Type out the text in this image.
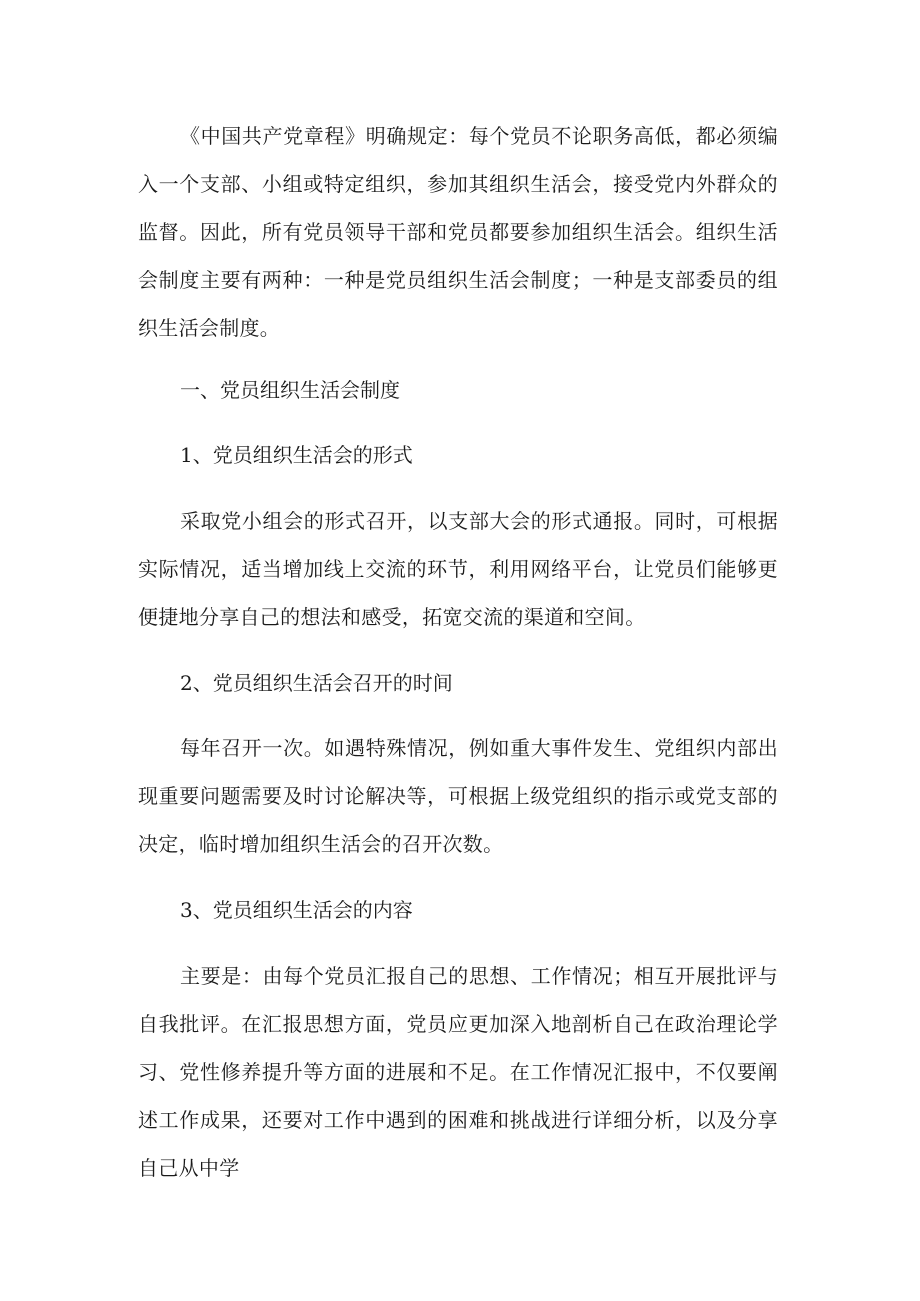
《中国共产党章程》明确规定：每个党员不论职务高低，都必须编入一个支部、小组或特定组织，参加其组织生活会，接受党内外群众的监督。因此，所有党员领导干部和党员都要参加组织生活会。组织生活会制度主要有两种：一种是党员组织生活会制度；一种是支部委员的组织生活会制度。

一、党员组织生活会制度

1、党员组织生活会的形式

采取党小组会的形式召开，以支部大会的形式通报。同时，可根据实际情况，适当增加线上交流的环节，利用网络平台，让党员们能够更便捷地分享自己的想法和感受，拓宽交流的渠道和空间。

2、党员组织生活会召开的时间

每年召开一次。如遇特殊情况，例如重大事件发生、党组织内部出现重要问题需要及时讨论解决等，可根据上级党组织的指示或党支部的决定，临时增加组织生活会的召开次数。

3、党员组织生活会的内容

主要是：由每个党员汇报自己的思想、工作情况；相互开展批评与自我批评。在汇报思想方面，党员应更加深入地剖析自己在政治理论学习、党性修养提升等方面的进展和不足。在工作情况汇报中，不仅要阐述工作成果，还要对工作中遇到的困难和挑战进行详细分析，以及分享自己从中学
